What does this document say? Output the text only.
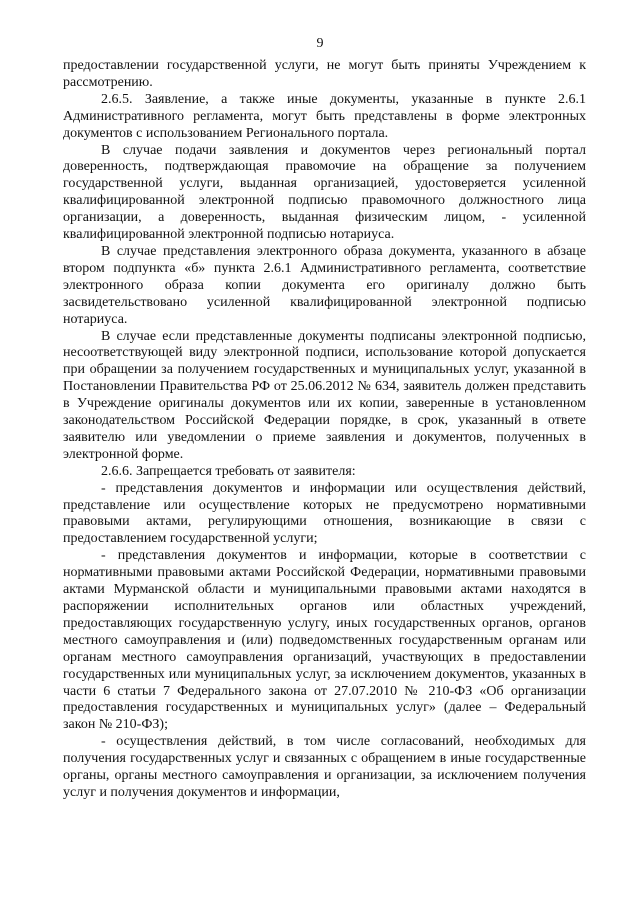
9

предоставлении государственной услуги, не могут быть приняты Учреждением к рассмотрению.

2.6.5. Заявление, а также иные документы, указанные в пункте 2.6.1 Административного регламента, могут быть представлены в форме электронных документов с использованием Регионального портала.

В случае подачи заявления и документов через региональный портал доверенность, подтверждающая правомочие на обращение за получением государственной услуги, выданная организацией, удостоверяется усиленной квалифицированной электронной подписью правомочного должностного лица организации, а доверенность, выданная физическим лицом, - усиленной квалифицированной электронной подписью нотариуса.

В случае представления электронного образа документа, указанного в абзаце втором подпункта «б» пункта 2.6.1 Административного регламента, соответствие электронного образа копии документа его оригиналу должно быть засвидетельствовано усиленной квалифицированной электронной подписью нотариуса.

В случае если представленные документы подписаны электронной подписью, несоответствующей виду электронной подписи, использование которой допускается при обращении за получением государственных и муниципальных услуг, указанной в Постановлении Правительства РФ от 25.06.2012 № 634, заявитель должен представить в Учреждение оригиналы документов или их копии, заверенные в установленном законодательством Российской Федерации порядке, в срок, указанный в ответе заявителю или уведомлении о приеме заявления и документов, полученных в электронной форме.

2.6.6. Запрещается требовать от заявителя:

- представления документов и информации или осуществления действий, представление или осуществление которых не предусмотрено нормативными правовыми актами, регулирующими отношения, возникающие в связи с предоставлением государственной услуги;

- представления документов и информации, которые в соответствии с нормативными правовыми актами Российской Федерации, нормативными правовыми актами Мурманской области и муниципальными правовыми актами находятся в распоряжении исполнительных органов или областных учреждений, предоставляющих государственную услугу, иных государственных органов, органов местного самоуправления и (или) подведомственных государственным органам или органам местного самоуправления организаций, участвующих в предоставлении государственных или муниципальных услуг, за исключением документов, указанных в части 6 статьи 7 Федерального закона от 27.07.2010 № 210-ФЗ «Об организации предоставления государственных и муниципальных услуг» (далее – Федеральный закон № 210-ФЗ);

- осуществления действий, в том числе согласований, необходимых для получения государственных услуг и связанных с обращением в иные государственные органы, органы местного самоуправления и организации, за исключением получения услуг и получения документов и информации,
